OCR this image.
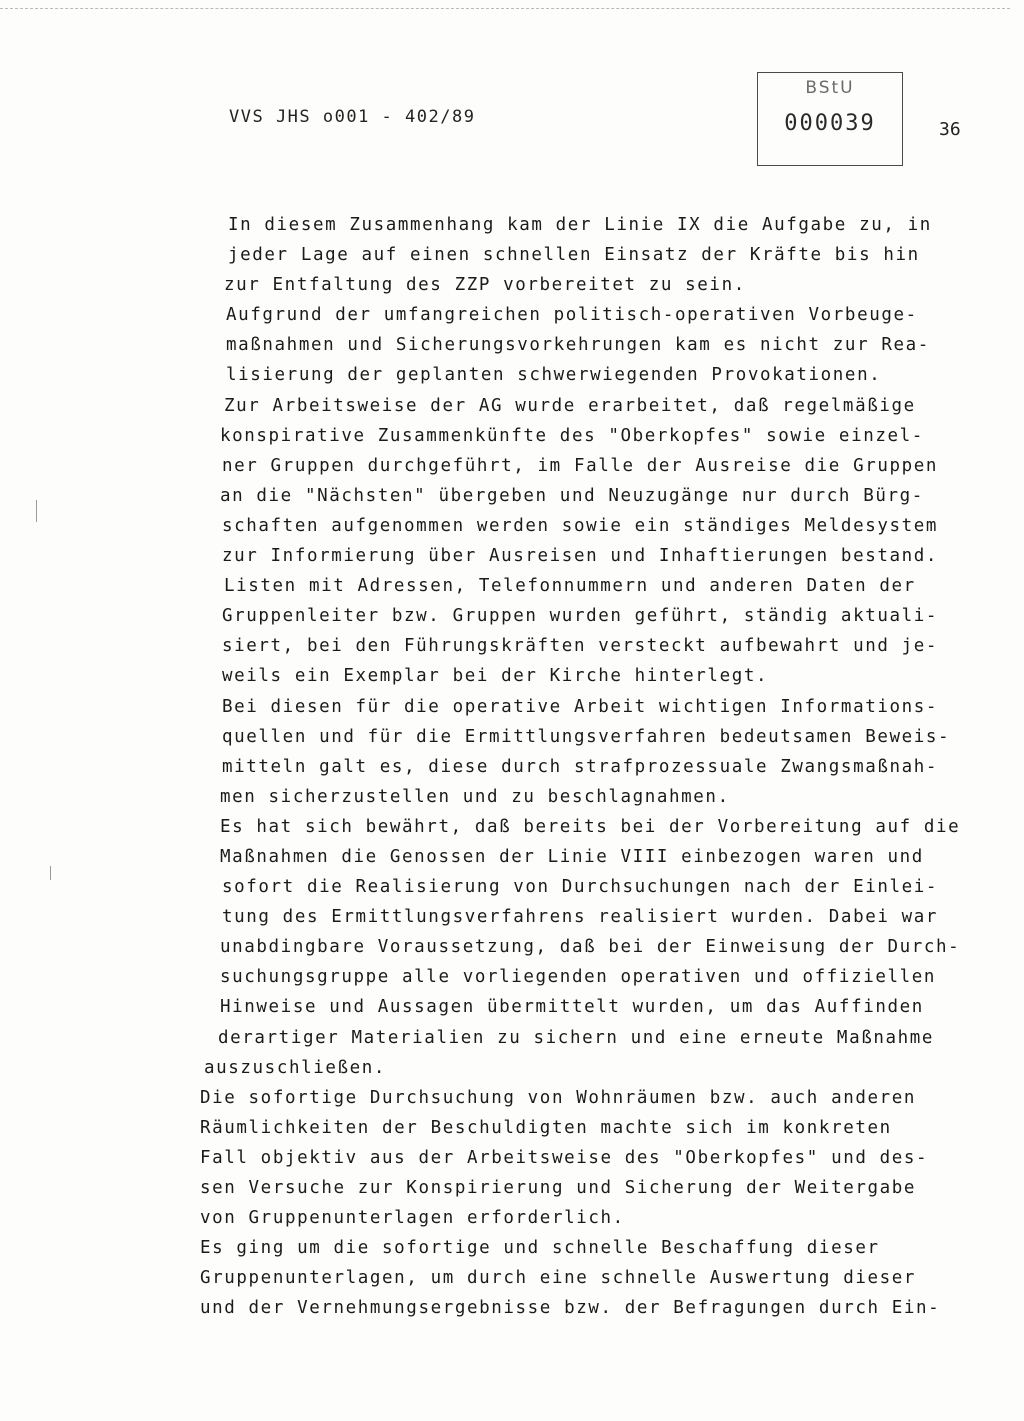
VVS JHS o001 - 402/89
BStU
000039	36
In diesem Zusammenhang kam der Linie IX die Aufgabe zu, in
jeder Lage auf einen schnellen Einsatz der Kräfte bis hin
zur Entfaltung des ZZP vorbereitet zu sein.
Aufgrund der umfangreichen politisch-operativen Vorbeuge-
maßnahmen und Sicherungsvorkehrungen kam es nicht zur Rea-
lisierung der geplanten schwerwiegenden Provokationen.
Zur Arbeitsweise der AG wurde erarbeitet, daß regelmäßige
konspirative Zusammenkünfte des "Oberkopfes" sowie einzel-
ner Gruppen durchgeführt, im Falle der Ausreise die Gruppen
an die "Nächsten" übergeben und Neuzugänge nur durch Bürg-
schaften aufgenommen werden sowie ein ständiges Meldesystem
zur Informierung über Ausreisen und Inhaftierungen bestand.
Listen mit Adressen, Telefonnummern und anderen Daten der
Gruppenleiter bzw. Gruppen wurden geführt, ständig aktuali-
siert, bei den Führungskräften versteckt aufbewahrt und je-
weils ein Exemplar bei der Kirche hinterlegt.
Bei diesen für die operative Arbeit wichtigen Informations-
quellen und für die Ermittlungsverfahren bedeutsamen Beweis-
mitteln galt es, diese durch strafprozessuale Zwangsmaßnah-
men sicherzustellen und zu beschlagnahmen.
Es hat sich bewährt, daß bereits bei der Vorbereitung auf die
Maßnahmen die Genossen der Linie VIII einbezogen waren und
sofort die Realisierung von Durchsuchungen nach der Einlei-
tung des Ermittlungsverfahrens realisiert wurden. Dabei war
unabdingbare Voraussetzung, daß bei der Einweisung der Durch-
suchungsgruppe alle vorliegenden operativen und offiziellen
Hinweise und Aussagen übermittelt wurden, um das Auffinden
derartiger Materialien zu sichern und eine erneute Maßnahme
auszuschließen.
Die sofortige Durchsuchung von Wohnräumen bzw. auch anderen
Räumlichkeiten der Beschuldigten machte sich im konkreten
Fall objektiv aus der Arbeitsweise des "Oberkopfes" und des-
sen Versuche zur Konspirierung und Sicherung der Weitergabe
von Gruppenunterlagen erforderlich.
Es ging um die sofortige und schnelle Beschaffung dieser
Gruppenunterlagen, um durch eine schnelle Auswertung dieser
und der Vernehmungsergebnisse bzw. der Befragungen durch Ein-
